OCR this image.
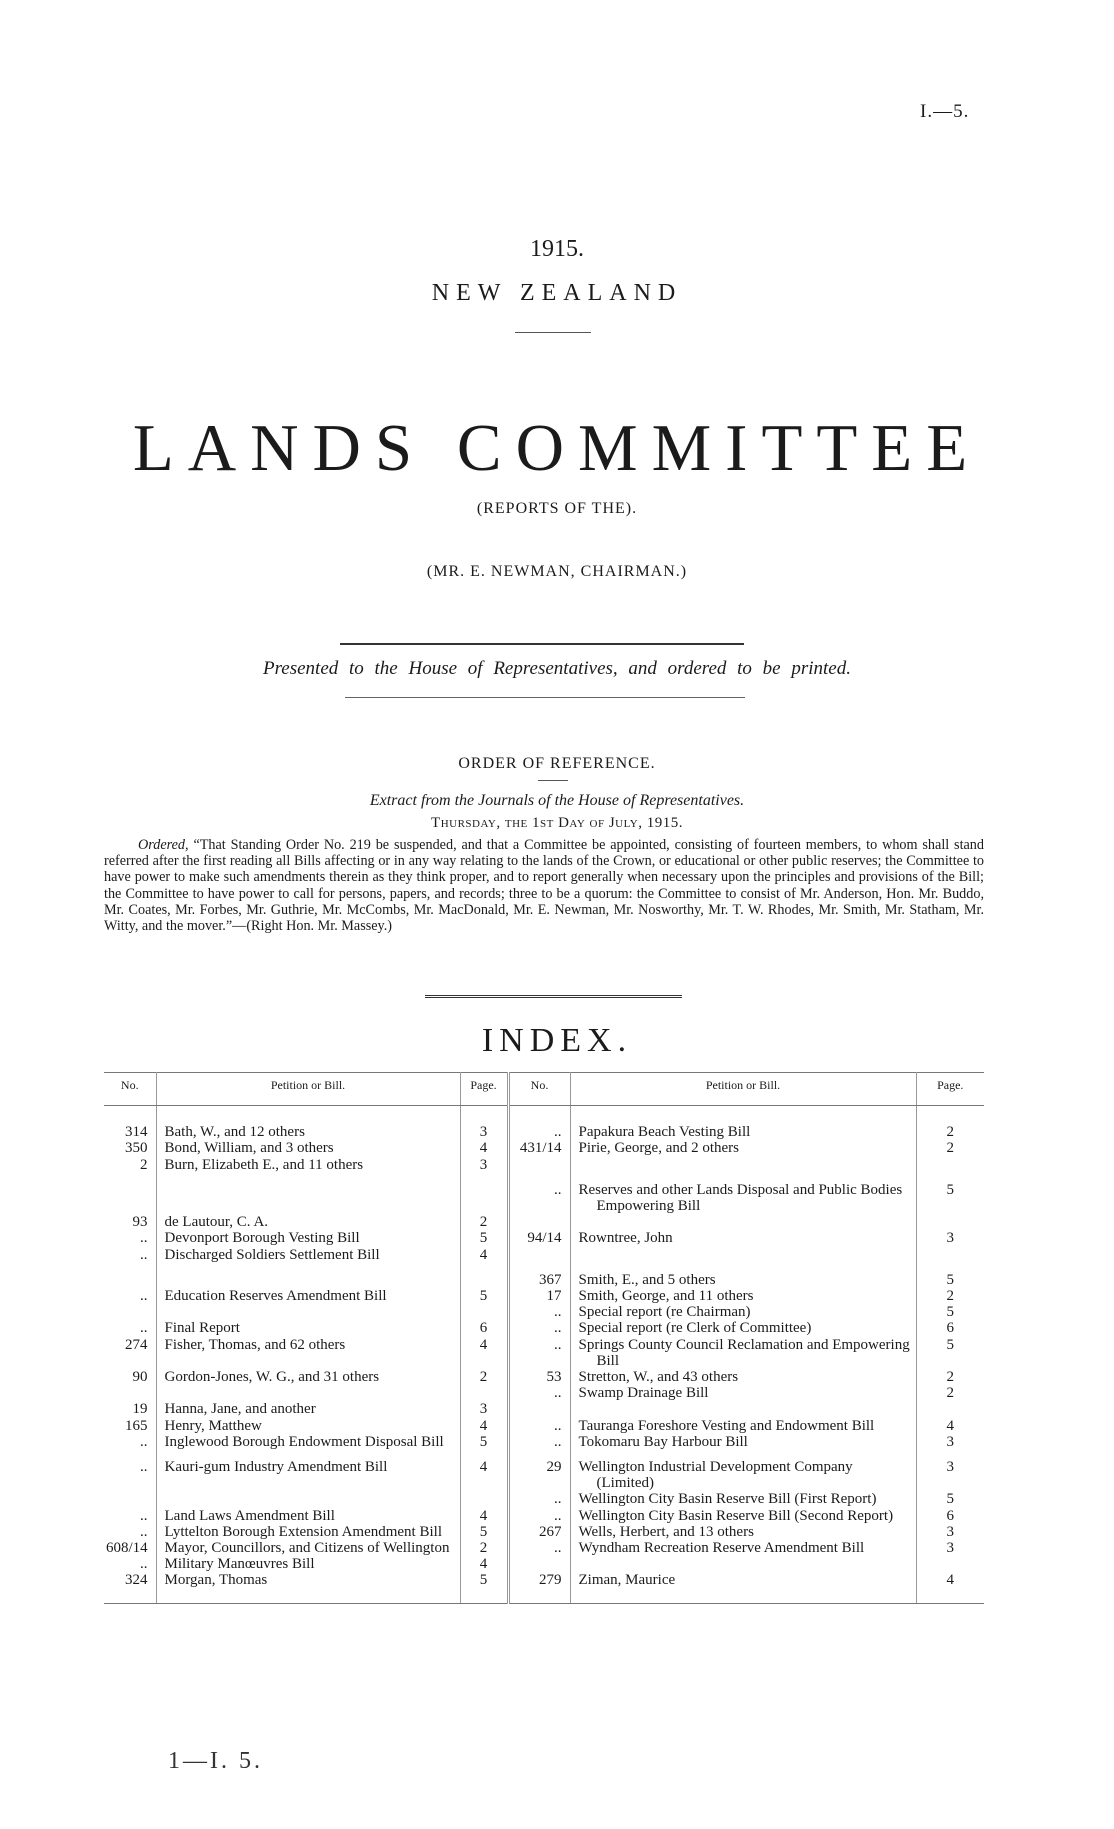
I.—5.
1915.
NEW ZEALAND
LANDS COMMITTEE
(REPORTS OF THE).
(MR. E. NEWMAN, CHAIRMAN.)
Presented to the House of Representatives, and ordered to be printed.
ORDER OF REFERENCE.
Extract from the Journals of the House of Representatives.
Thursday, the 1st Day of July, 1915.
Ordered, “That Standing Order No. 219 be suspended, and that a Committee be appointed, consisting of fourteen members, to whom shall stand referred after the first reading all Bills affecting or in any way relating to the lands of the Crown, or educational or other public reserves; the Committee to have power to make such amendments therein as they think proper, and to report generally when necessary upon the principles and provisions of the Bill; the Committee to have power to call for persons, papers, and records; three to be a quorum: the Committee to consist of Mr. Anderson, Hon. Mr. Buddo, Mr. Coates, Mr. Forbes, Mr. Guthrie, Mr. McCombs, Mr. MacDonald, Mr. E. Newman, Mr. Nosworthy, Mr. T. W. Rhodes, Mr. Smith, Mr. Statham, Mr. Witty, and the mover.”—(Right Hon. Mr. Massey.)
INDEX.
No.	Petition or Bill.	Page.	No.	Petition or Bill.	Page.
314	Bath, W., and 12 others	3	..	Papakura Beach Vesting Bill	2
350	Bond, William, and 3 others	4	431/14	Pirie, George, and 2 others	2
2	Burn, Elizabeth E., and 11 others	3		

		..	Reserves and other Lands Disposal and Public Bodies Empowering Bill	5
93	de Lautour, C. A.	2		

..	Devonport Borough Vesting Bill	5	94/14	Rowntree, John	3
..	Discharged Soldiers Settlement Bill	4		

		367	Smith, E., and 5 others	5
..	Education Reserves Amendment Bill	5	17	Smith, George, and 11 others	2

		..	Special report (re Chairman)	5
..	Final Report	6	..	Special report (re Clerk of Committee)	6
274	Fisher, Thomas, and 62 others	4	..	Springs County Council Reclamation and Empowering Bill	5
90	Gordon-Jones, W. G., and 31 others	2	53	Stretton, W., and 43 others	2

		..	Swamp Drainage Bill	2
19	Hanna, Jane, and another	3		

165	Henry, Matthew	4	..	Tauranga Foreshore Vesting and Endowment Bill	4
..	Inglewood Borough Endowment Disposal Bill	5	..	Tokomaru Bay Harbour Bill	3

..	Kauri-gum Industry Amendment Bill	4	29	Wellington Industrial Development Company (Limited)	3

		..	Wellington City Basin Reserve Bill (First Report)	5
..	Land Laws Amendment Bill	4	..	Wellington City Basin Reserve Bill (Second Report)	6
..	Lyttelton Borough Extension Amendment Bill	5	267	Wells, Herbert, and 13 others	3
608/14	Mayor, Councillors, and Citizens of Wellington	2	..	Wyndham Recreation Reserve Amendment Bill	3
..	Military Manœuvres Bill	4		

324	Morgan, Thomas	5	279	Ziman, Maurice	4
1—I. 5.
